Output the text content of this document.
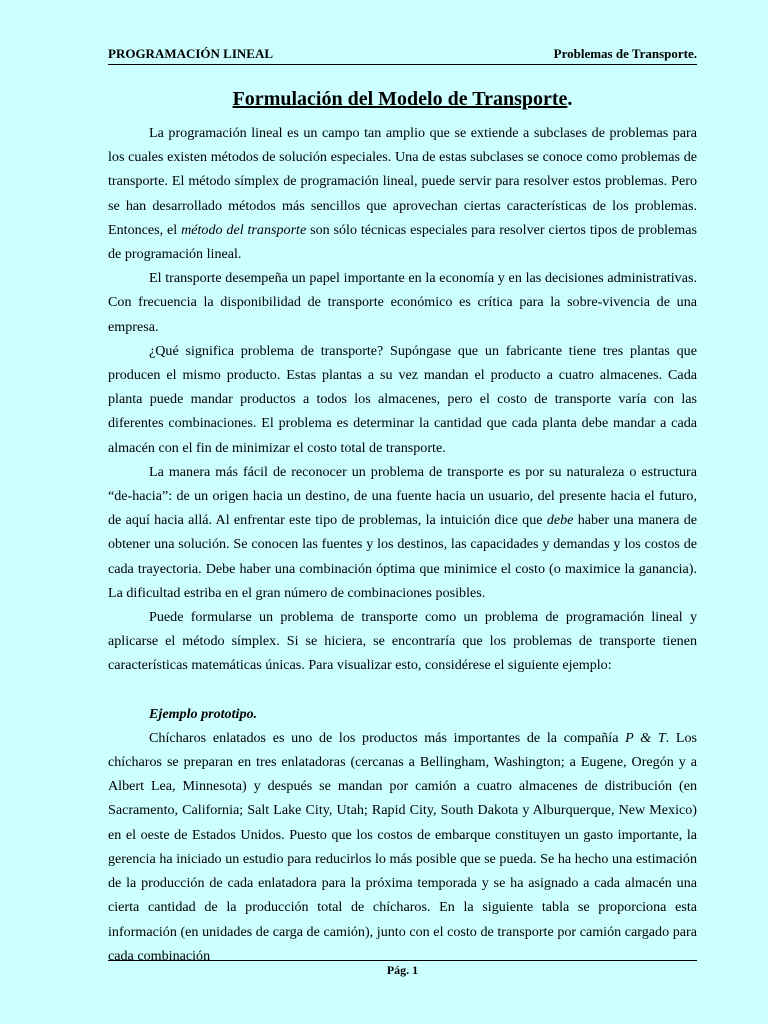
PROGRAMACIÓN LINEAL	Problemas de Transporte.
Formulación del Modelo de Transporte.

La programación lineal es un campo tan amplio que se extiende a subclases de problemas para los cuales existen métodos de solución especiales. Una de estas subclases se conoce como problemas de transporte. El método símplex de programación lineal, puede servir para resolver estos problemas. Pero se han desarrollado métodos más sencillos que aprovechan ciertas características de los problemas. Entonces, el método del transporte son sólo técnicas especiales para resolver ciertos tipos de problemas de programación lineal.

El transporte desempeña un papel importante en la economía y en las decisiones administrativas. Con frecuencia la disponibilidad de transporte económico es crítica para la sobre-vivencia de una empresa.

¿Qué significa problema de transporte? Supóngase que un fabricante tiene tres plantas que producen el mismo producto. Estas plantas a su vez mandan el producto a cuatro almacenes. Cada planta puede mandar productos a todos los almacenes, pero el costo de transporte varía con las diferentes combinaciones. El problema es determinar la cantidad que cada planta debe mandar a cada almacén con el fin de minimizar el costo total de transporte.

La manera más fácil de reconocer un problema de transporte es por su naturaleza o estructura “de-hacia”: de un origen hacia un destino, de una fuente hacia un usuario, del presente hacia el futuro, de aquí hacia allá. Al enfrentar este tipo de problemas, la intuición dice que debe haber una manera de obtener una solución. Se conocen las fuentes y los destinos, las capacidades y demandas y los costos de cada trayectoria. Debe haber una combinación óptima que minimice el costo (o maximice la ganancia). La dificultad estriba en el gran número de combinaciones posibles.

Puede formularse un problema de transporte como un problema de programación lineal y aplicarse el método símplex. Si se hiciera, se encontraría que los problemas de transporte tienen características matemáticas únicas. Para visualizar esto, considérese el siguiente ejemplo:

Ejemplo prototipo.

Chícharos enlatados es uno de los productos más importantes de la compañía P & T. Los chícharos se preparan en tres enlatadoras (cercanas a Bellingham, Washington; a Eugene, Oregón y a Albert Lea, Minnesota) y después se mandan por camión a cuatro almacenes de distribución (en Sacramento, California; Salt Lake City, Utah; Rapid City, South Dakota y Alburquerque, New Mexico) en el oeste de Estados Unidos. Puesto que los costos de embarque constituyen un gasto importante, la gerencia ha iniciado un estudio para reducirlos lo más posible que se pueda. Se ha hecho una estimación de la producción de cada enlatadora para la próxima temporada y se ha asignado a cada almacén una cierta cantidad de la producción total de chícharos. En la siguiente tabla se proporciona esta información (en unidades de carga de camión), junto con el costo de transporte por camión cargado para cada combinación

Pág. 1
